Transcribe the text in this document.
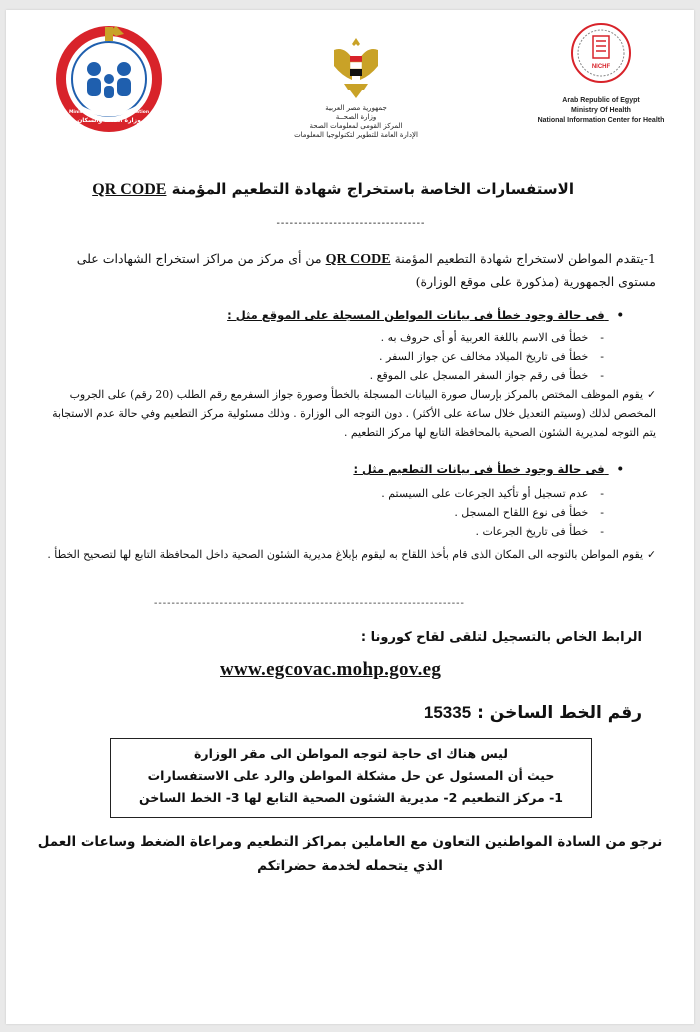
Ministry of Health & Population
وزارة الصحة والسكان
جمهورية مصر العربية
وزارة الصحــة
المركز القومى لمعلومات الصحة
الإدارة العامة للتطوير لتكنولوجيا المعلومات
NICHF
Arab Republic of Egypt
Ministry Of Health
National Information Center for Health
الاستفسارات الخاصة باستخراج شهادة التطعيم المؤمنة QR CODE
----------------------------------
1-يتقدم المواطن لاستخراج شهادة التطعيم المؤمنة QR CODE من أى مركز من مراكز استخراج الشهادات على مستوى الجمهورية (مذكورة على موقع الوزارة)
• فى حالة وجود خطأ فى بيانات المواطن المسجلة على الموقع مثل :
- خطأ فى الاسم باللغة العربية أو أى حروف به .
- خطأ فى تاريخ الميلاد مخالف عن جواز السفر .
- خطأ فى رقم جواز السفر المسجل على الموقع .
✓يقوم الموظف المختص بالمركز بإرسال صورة البيانات المسجلة بالخطأ وصورة جواز السفرمع رقم الطلب (20 رقم) على الجروب المخصص لذلك (وسيتم التعديل خلال ساعة على الأكثر) . دون التوجه الى الوزارة . وذلك مسئولية مركز التطعيم وفي حالة عدم الاستجابة يتم التوجه لمديرية الشئون الصحية بالمحافظة التابع لها مركز التطعيم .
• فى حالة وجود خطأ فى بيانات التطعيم مثل :
- عدم تسجيل أو تأكيد الجرعات على السيستم .
- خطأ فى نوع اللقاح المسجل .
- خطأ فى تاريخ الجرعات .
✓يقوم المواطن بالتوجه الى المكان الذى قام بأخذ اللقاح به ليقوم بإبلاغ مديرية الشئون الصحية داخل المحافظة التابع لها لتصحيح الخطأ .
-----------------------------------------------------------------------
الرابط الخاص بالتسجيل لتلقى لقاح كورونا :
www.egcovac.mohp.gov.eg
رقم الخط الساخن : 15335
ليس هناك اى حاجة لتوجه المواطن الى مقر الوزارة
حيث أن المسئول عن حل مشكلة المواطن والرد على الاستفسارات
1- مركز التطعيم 2- مديرية الشئون الصحية التابع لها 3- الخط الساخن
نرجو من السادة المواطنين التعاون مع العاملين بمراكز التطعيم ومراعاة الضغط وساعات العمل
الذي يتحمله لخدمة حضراتكم
